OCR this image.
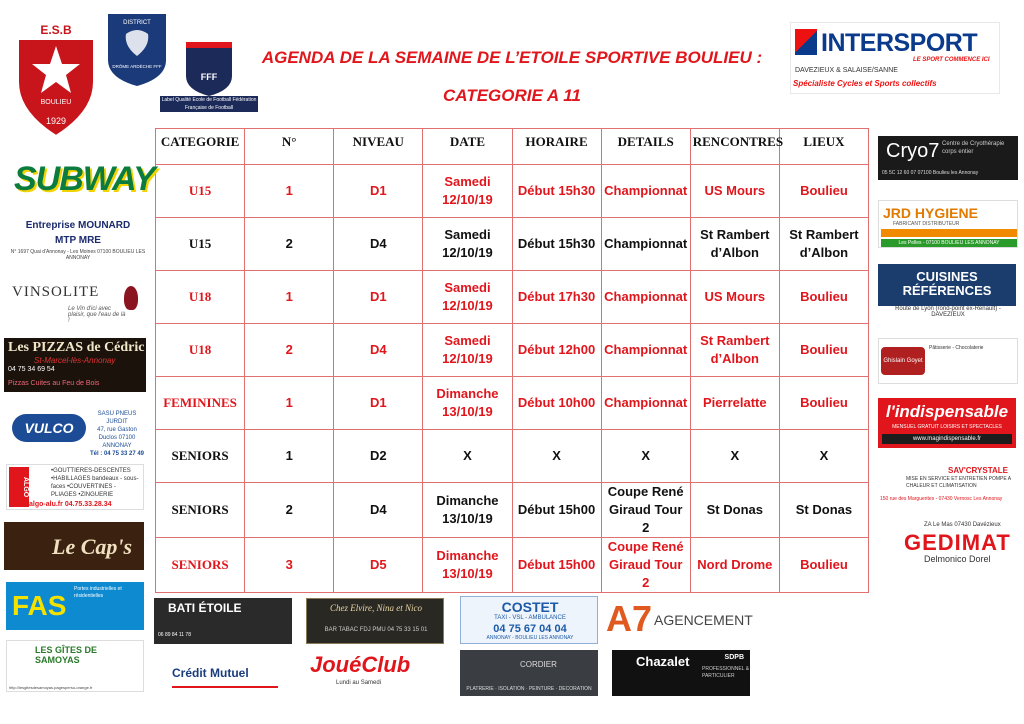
AGENDA DE LA SEMAINE DE L’ETOILE SPORTIVE BOULIEU :
CATEGORIE A 11
E.S.B
BOULIEU
1929
DISTRICT
DRÔME ARDÈCHE FFF
FFF
Label Qualité Ecole de Football Fédération Française de Football
INTERSPORT
LE SPORT COMMENCE ICI
DAVEZIEUX & SALAISE/SANNE
Spécialiste Cycles et Sports collectifs
CATEGORIE	N°	NIVEAU	DATE	HORAIRE	DETAILS	RENCONTRES	LIEUX
U15	1	D1	Samedi 12/10/19	Début 15h30	Championnat	US Mours	Boulieu
U15	2	D4	Samedi 12/10/19	Début 15h30	Championnat	St Rambert d’Albon	St Rambert d’Albon
U18	1	D1	Samedi 12/10/19	Début 17h30	Championnat	US Mours	Boulieu
U18	2	D4	Samedi 12/10/19	Début 12h00	Championnat	St Rambert d’Albon	Boulieu
FEMININES	1	D1	Dimanche 13/10/19	Début 10h00	Championnat	Pierrelatte	Boulieu
SENIORS	1	D2	X	X	X	X	X
SENIORS	2	D4	Dimanche 13/10/19	Début 15h00	Coupe René Giraud Tour 2	St Donas	St Donas
SENIORS	3	D5	Dimanche 13/10/19	Début 15h00	Coupe René Giraud Tour 2	Nord Drome	Boulieu
SUBWAY
Entreprise MOUNARD
MTP MRE
N° 1697 Quai d'Annonay - Les Moines 07100 BOULIEU LES ANNONAY
VINSOLITE
Le Vin d'ici avec plaisir, que l'eau de là !
Les PIZZAS de Cédric
St-Marcel-lès-Annonay
04 75 34 69 54
Pizzas Cuites au Feu de Bois
VULCO
SASU PNEUS JURDIT
47, rue Gaston Duclos 07100 ANNONAY
Tél : 04 75 33 27 49
ALGO
•GOUTTIERES-DESCENTES •HABILLAGES bandeaux - sous-faces •COUVERTINES - PLIAGES •ZINGUERIE
www.algo-alu.fr 04.75.33.28.34
Le Cap's
FAS
Portes industrielles et résidentielles
LES GÎTES DE SAMOYAS
http://lesgitesdesamoyas.pagesperso-orange.fr
Cryo7 Centre de Cryothérapie corps entier
05 5C 12 60 07 07100 Boulieu les Annonay
JRD HYGIENE
FABRICANT DISTRIBUTEUR
Les Pelles - 07100 BOULIEU LES ANNONAY
CUISINES RÉFÉRENCES
Route de Lyon (rond-point ex-Renault) - DAVEZIEUX
Ghislain Goyet
Pâtisserie - Chocolaterie
l'indispensable
MENSUEL GRATUIT LOISIRS ET SPECTACLES
www.magindispensable.fr
SAV'CRYSTALE
MISE EN SERVICE ET ENTRETIEN POMPE A CHALEUR ET CLIMATISATION
150 rue des Marguerites - 07430 Vernosc Les Annonay
ZA Le Mas 07430 Davézieux
GEDIMAT
Delmonico Dorel
BATI ÉTOILE
06 89 84 11 78
Crédit Mutuel
Chez Elvire, Nina et Nico
BAR TABAC FDJ PMU 04 75 33 15 01
JouéClub
Lundi au Samedi
COSTET
TAXI - VSL - AMBULANCE
04 75 67 04 04
ANNONAY - BOULIEU LES ANNONAY
CORDIER
PLATRERIE · ISOLATION · PEINTURE · DECORATION
A7 AGENCEMENT
Chazalet	SDPB
PROFESSIONNEL & PARTICULIER
